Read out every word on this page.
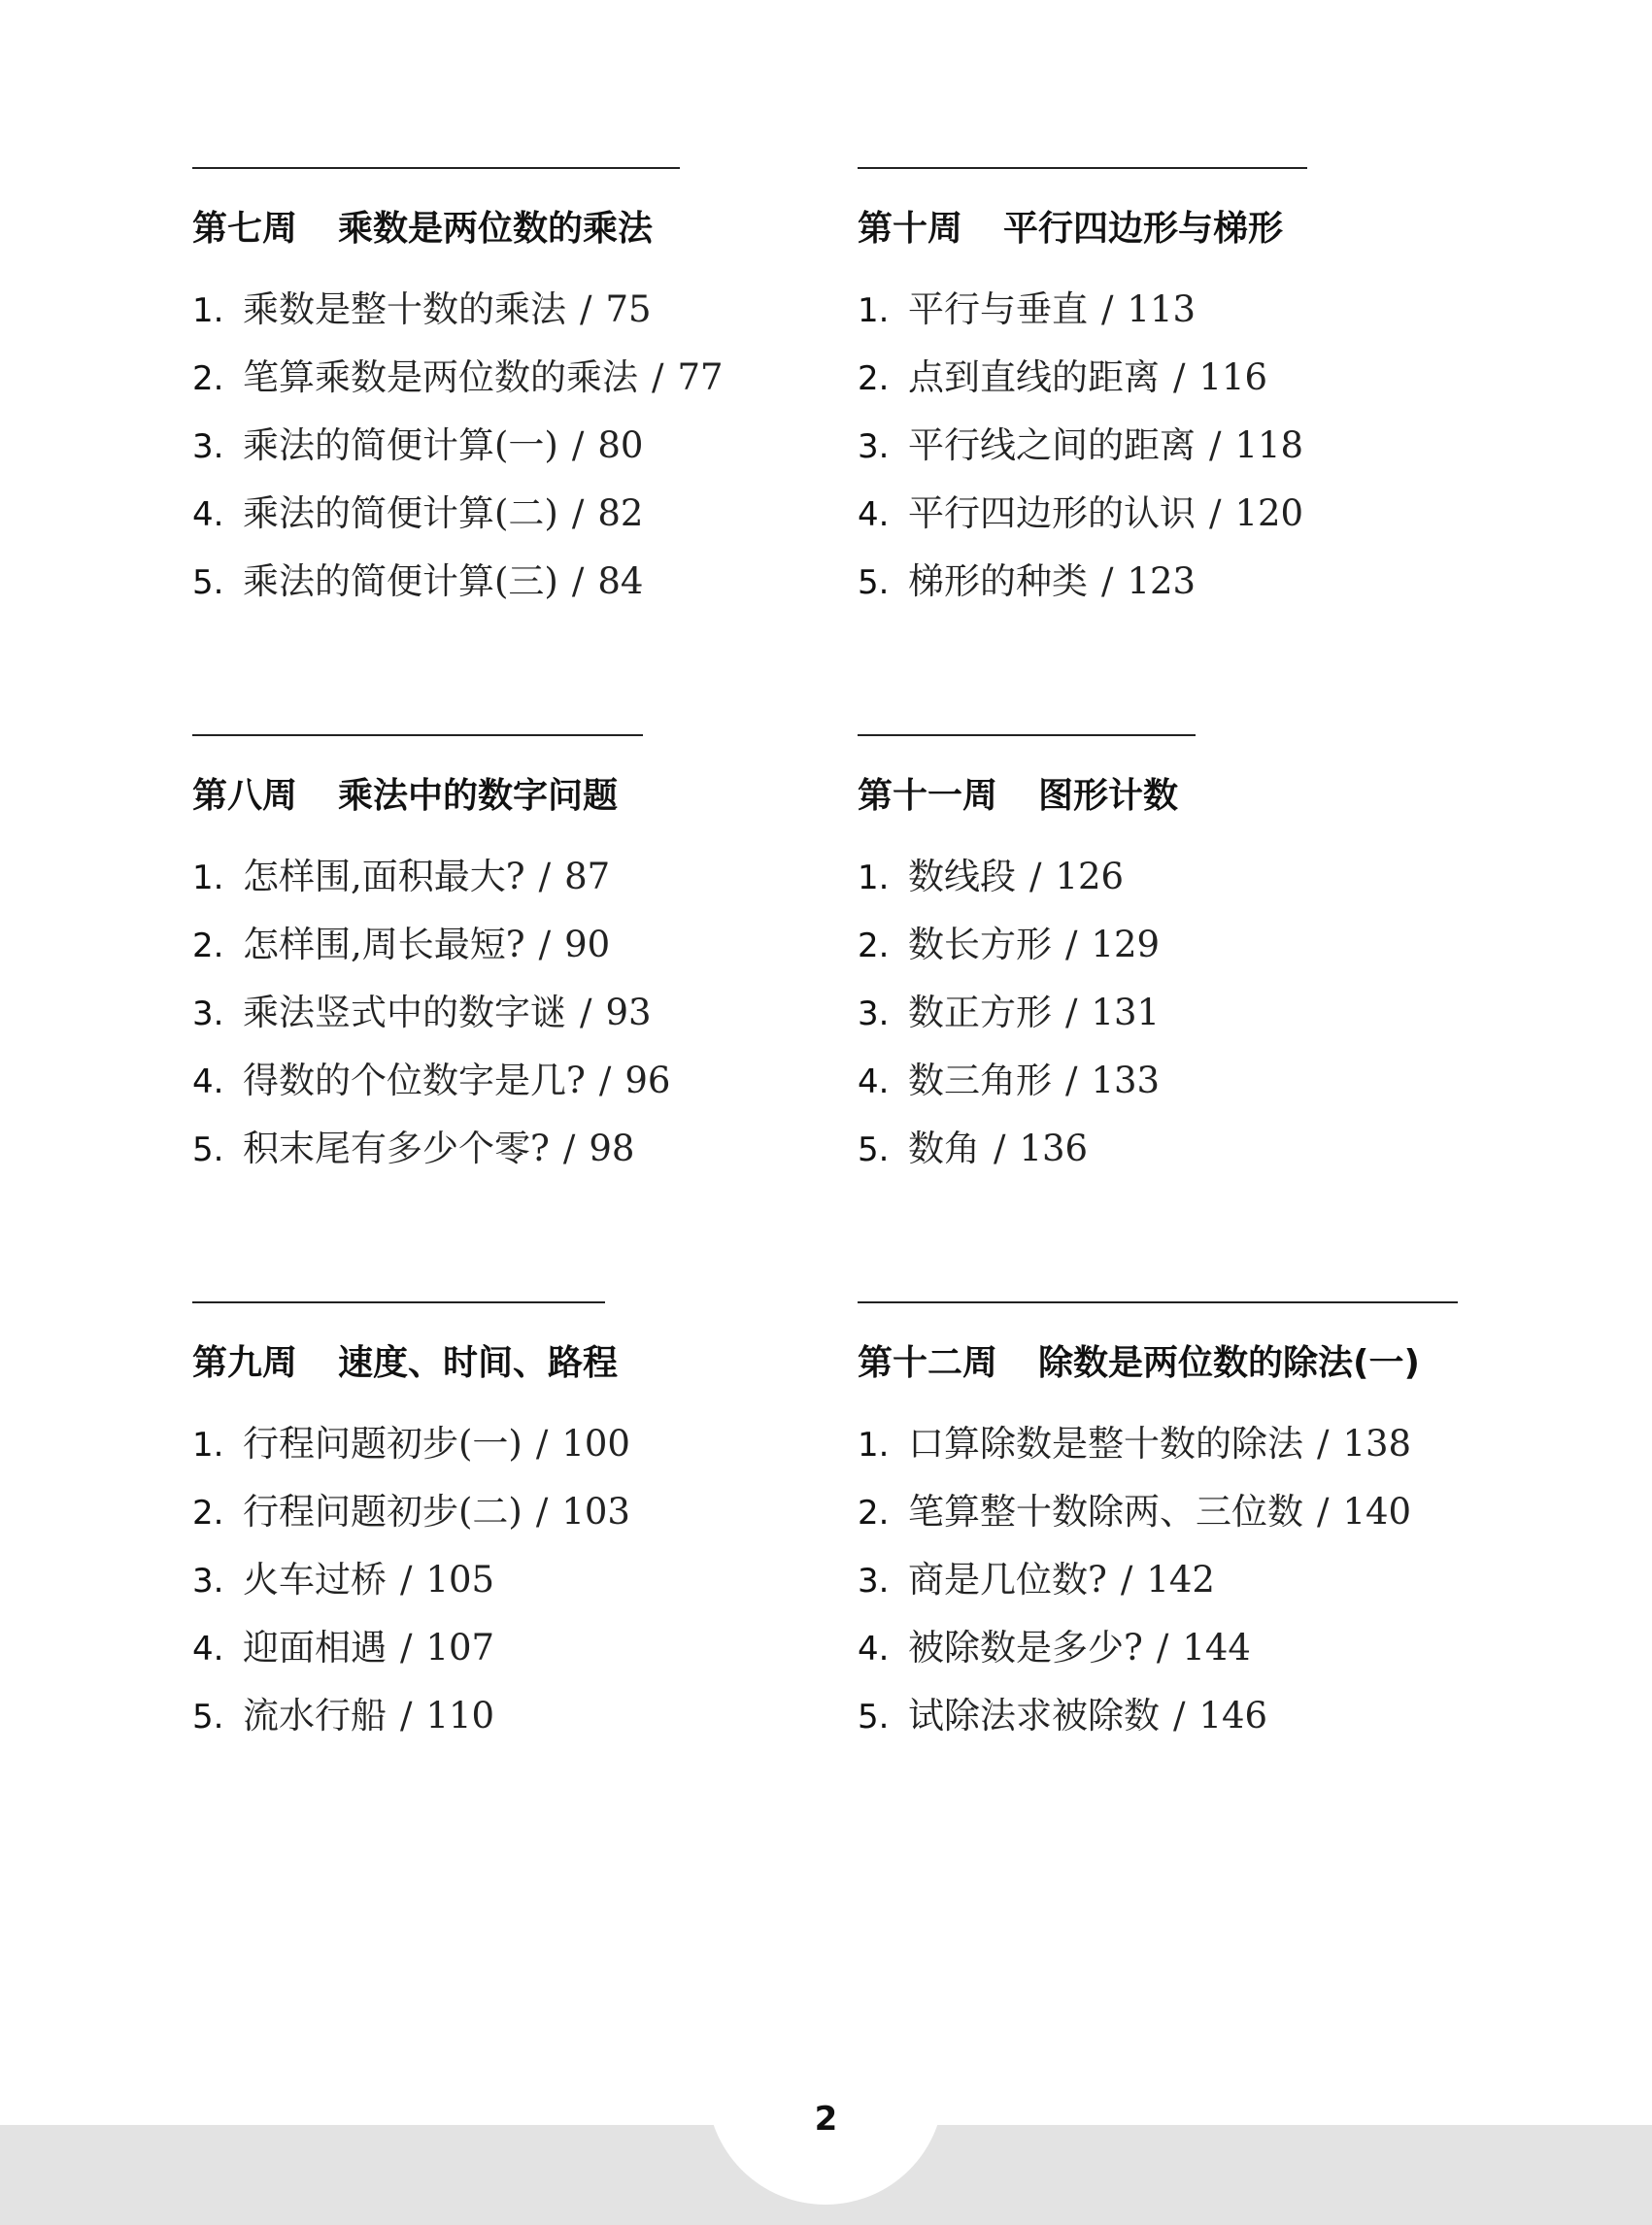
第七周 乘数是两位数的乘法
1. 乘数是整十数的乘法 / 75
2. 笔算乘数是两位数的乘法 / 77
3. 乘法的简便计算(一) / 80
4. 乘法的简便计算(二) / 82
5. 乘法的简便计算(三) / 84
第十周 平行四边形与梯形
1. 平行与垂直 / 113
2. 点到直线的距离 / 116
3. 平行线之间的距离 / 118
4. 平行四边形的认识 / 120
5. 梯形的种类 / 123
第八周 乘法中的数字问题
1. 怎样围,面积最大? / 87
2. 怎样围,周长最短? / 90
3. 乘法竖式中的数字谜 / 93
4. 得数的个位数字是几? / 96
5. 积末尾有多少个零? / 98
第十一周 图形计数
1. 数线段 / 126
2. 数长方形 / 129
3. 数正方形 / 131
4. 数三角形 / 133
5. 数角 / 136
第九周 速度、时间、路程
1. 行程问题初步(一) / 100
2. 行程问题初步(二) / 103
3. 火车过桥 / 105
4. 迎面相遇 / 107
5. 流水行船 / 110
第十二周 除数是两位数的除法(一)
1. 口算除数是整十数的除法 / 138
2. 笔算整十数除两、三位数 / 140
3. 商是几位数? / 142
4. 被除数是多少? / 144
5. 试除法求被除数 / 146
2
